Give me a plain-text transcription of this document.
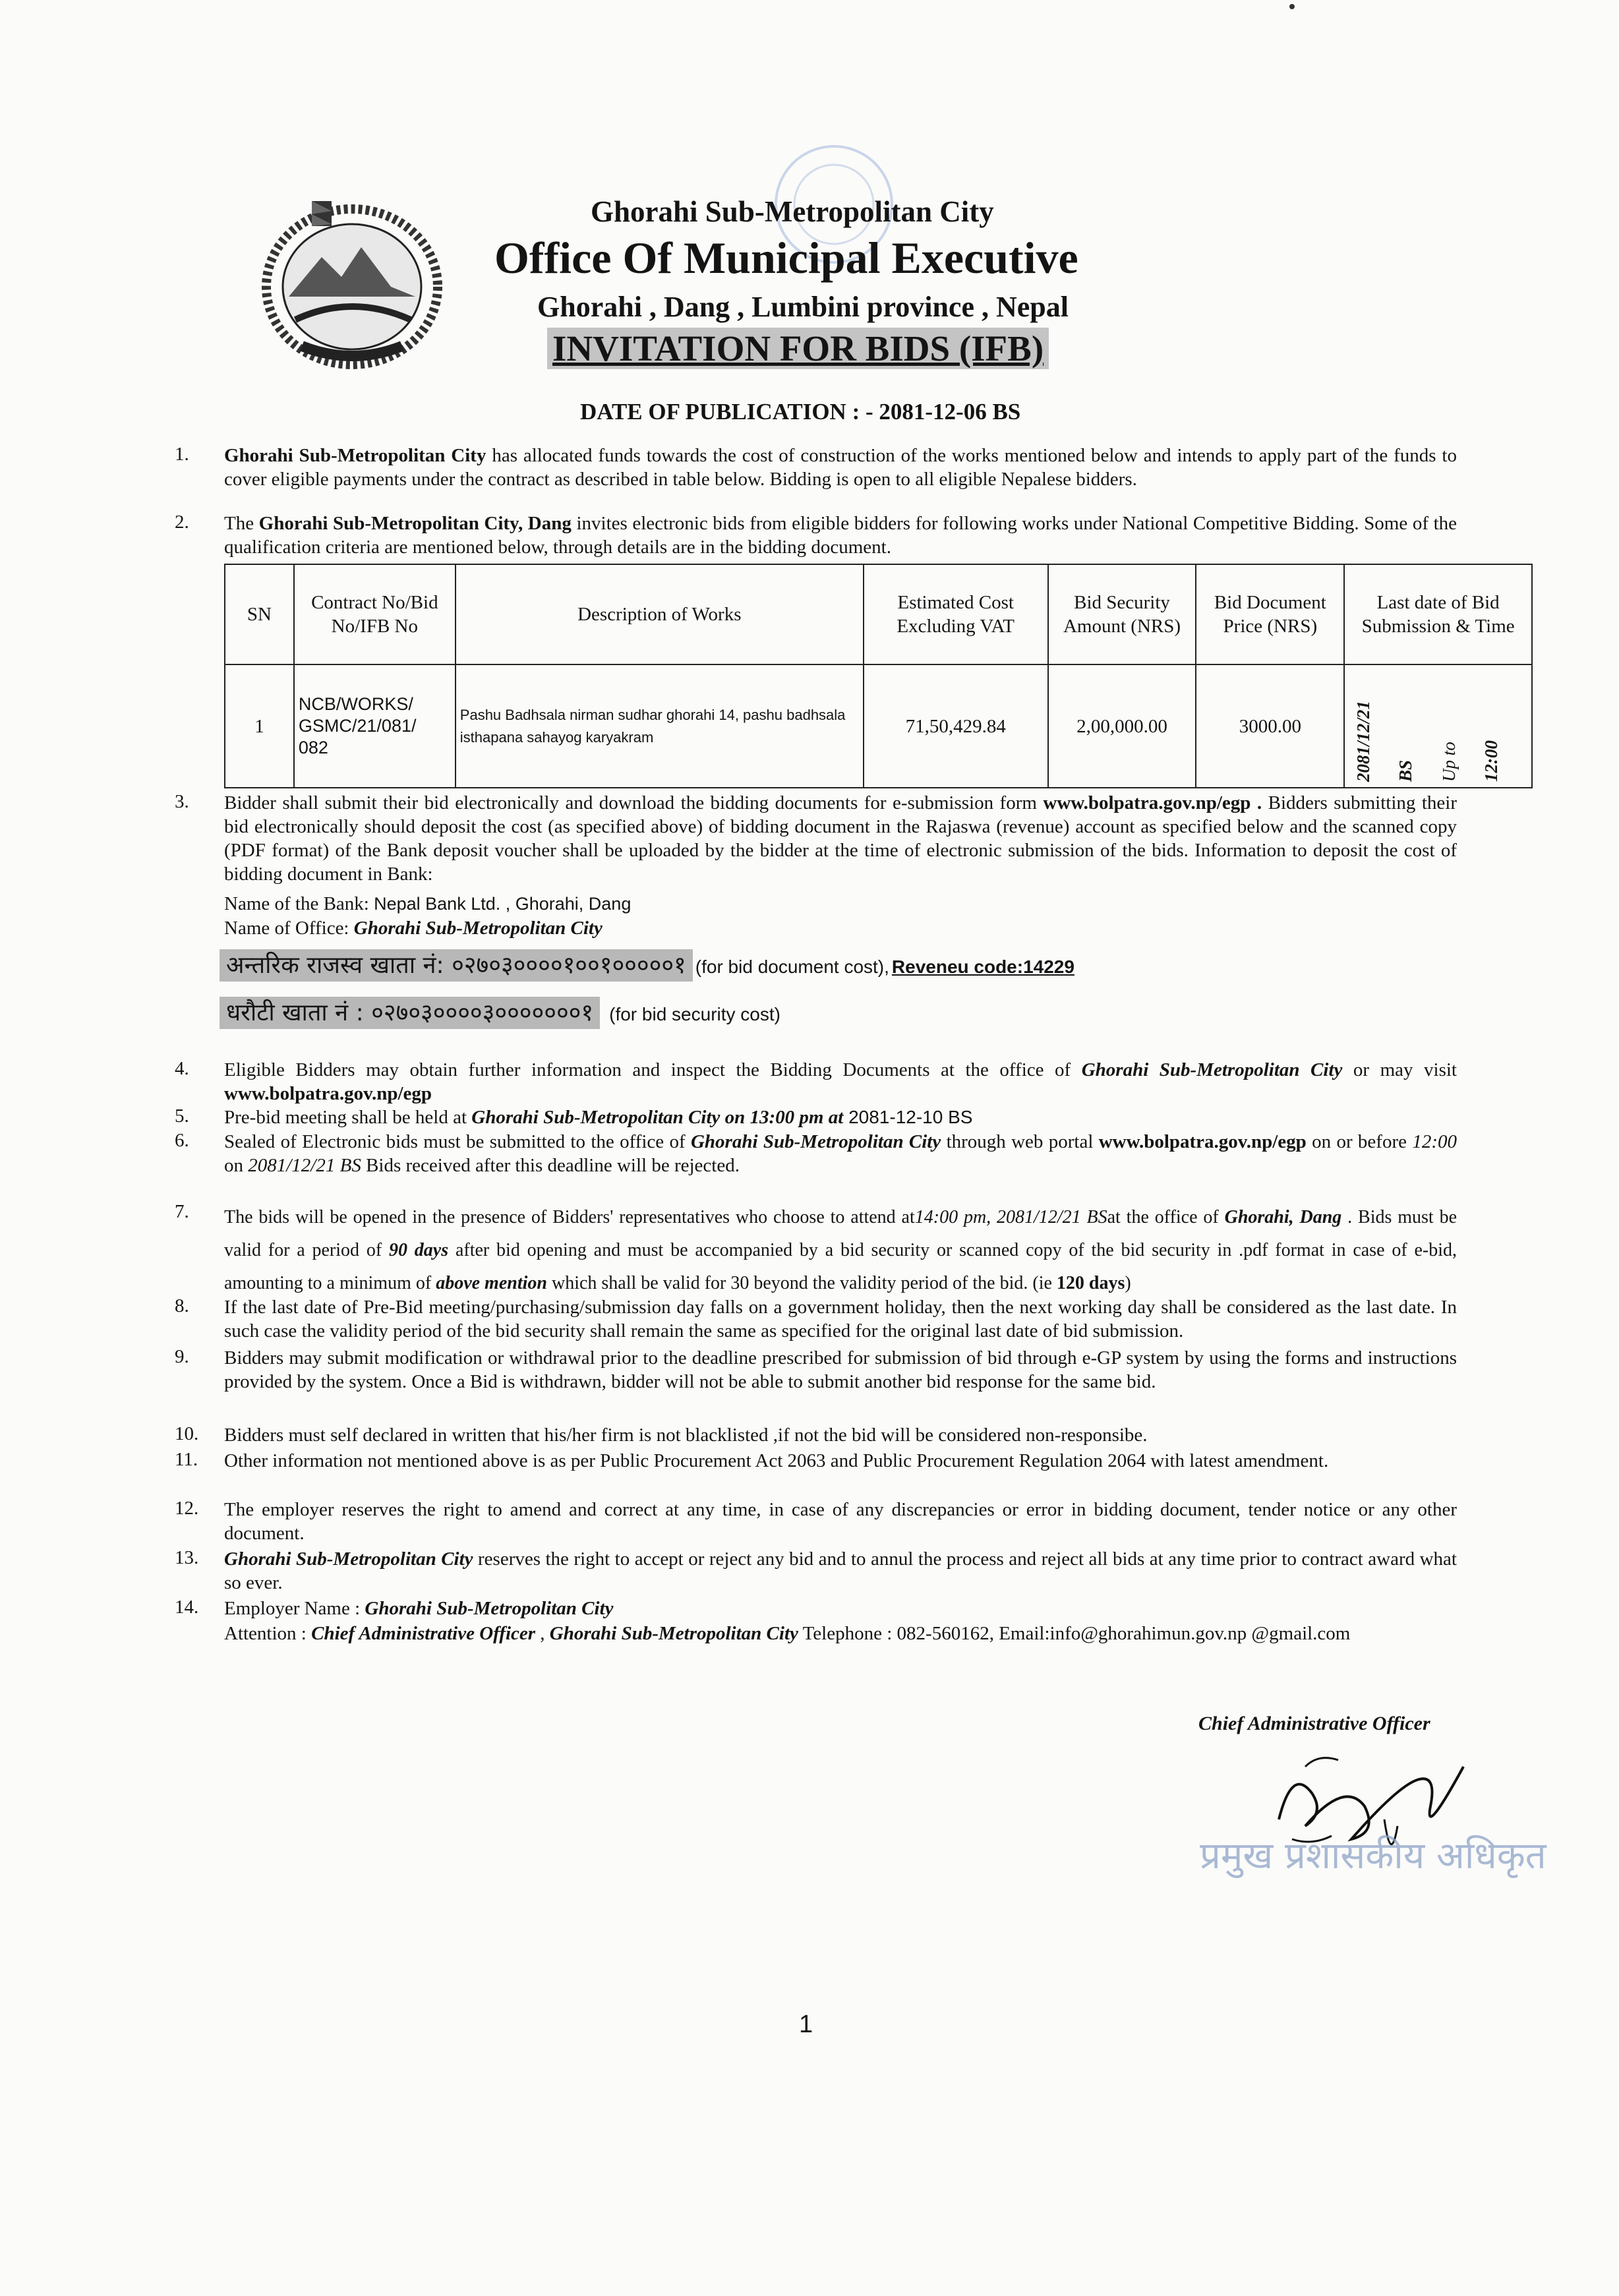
Ghorahi Sub-Metropolitan City
Office Of Municipal Executive
Ghorahi , Dang , Lumbini province , Nepal
INVITATION FOR BIDS (IFB)
DATE OF PUBLICATION : - 2081-12-06 BS
1.	Ghorahi Sub-Metropolitan City has allocated funds towards the cost of construction of the works mentioned below and intends to apply part of the funds to cover eligible payments under the contract as described in table below. Bidding is open to all eligible Nepalese bidders.
2.	The Ghorahi Sub-Metropolitan City, Dang invites electronic bids from eligible bidders for following works under National Competitive Bidding. Some of the qualification criteria are mentioned below, through details are in the bidding document.
SN	Contract No/Bid No/IFB No	Description of Works	Estimated Cost Excluding VAT	Bid Security Amount (NRS)	Bid Document Price (NRS)	Last date of Bid Submission & Time
1	NCB/WORKS/ GSMC/21/081/ 082	Pashu Badhsala nirman sudhar ghorahi 14, pashu badhsala isthapana sahayog karyakram	71,50,429.84	2,00,000.00	3000.00	2081/12/21 BS Up to 12:00
3.	Bidder shall submit their bid electronically and download the bidding documents for e-submission form www.bolpatra.gov.np/egp . Bidders submitting their bid electronically should deposit the cost (as specified above) of bidding document in the Rajaswa (revenue) account as specified below and the scanned copy (PDF format) of the Bank deposit voucher shall be uploaded by the bidder at the time of electronic submission of the bids. Information to deposit the cost of bidding document in Bank:
Name of the Bank: Nepal Bank Ltd. , Ghorahi, Dang
Name of Office: Ghorahi Sub-Metropolitan City
अन्तरिक राजस्व खाता नं: ०२७०३००००१००१०००००१ (for bid document cost), Reveneu code:14229
धरौटी खाता नं : ०२७०३००००३०००००००१ (for bid security cost)
4.	Eligible Bidders may obtain further information and inspect the Bidding Documents at the office of Ghorahi Sub-Metropolitan City or may visit www.bolpatra.gov.np/egp
5.	Pre-bid meeting shall be held at Ghorahi Sub-Metropolitan City on 13:00 pm at 2081-12-10 BS
6.	Sealed of Electronic bids must be submitted to the office of Ghorahi Sub-Metropolitan City through web portal www.bolpatra.gov.np/egp on or before 12:00 on 2081/12/21 BS Bids received after this deadline will be rejected.
7.	The bids will be opened in the presence of Bidders' representatives who choose to attend at14:00 pm, 2081/12/21 BSat the office of Ghorahi, Dang . Bids must be valid for a period of 90 days after bid opening and must be accompanied by a bid security or scanned copy of the bid security in .pdf format in case of e-bid, amounting to a minimum of above mention which shall be valid for 30 beyond the validity period of the bid. (ie 120 days)
8.	If the last date of Pre-Bid meeting/purchasing/submission day falls on a government holiday, then the next working day shall be considered as the last date. In such case the validity period of the bid security shall remain the same as specified for the original last date of bid submission.
9.	Bidders may submit modification or withdrawal prior to the deadline prescribed for submission of bid through e-GP system by using the forms and instructions provided by the system. Once a Bid is withdrawn, bidder will not be able to submit another bid response for the same bid.
10.	Bidders must self declared in written that his/her firm is not blacklisted ,if not the bid will be considered non-responsibe.
11.	Other information not mentioned above is as per Public Procurement Act 2063 and Public Procurement Regulation 2064 with latest amendment.
12.	The employer reserves the right to amend and correct at any time, in case of any discrepancies or error in bidding document, tender notice or any other document.
13.	Ghorahi Sub-Metropolitan City reserves the right to accept or reject any bid and to annul the process and reject all bids at any time prior to contract award what so ever.
14.	Employer Name : Ghorahi Sub-Metropolitan City
Attention : Chief Administrative Officer , Ghorahi Sub-Metropolitan City Telephone : 082-560162, Email:info@ghorahimun.gov.np @gmail.com
Chief Administrative Officer
प्रमुख प्रशासकीय अधिकृत
1
